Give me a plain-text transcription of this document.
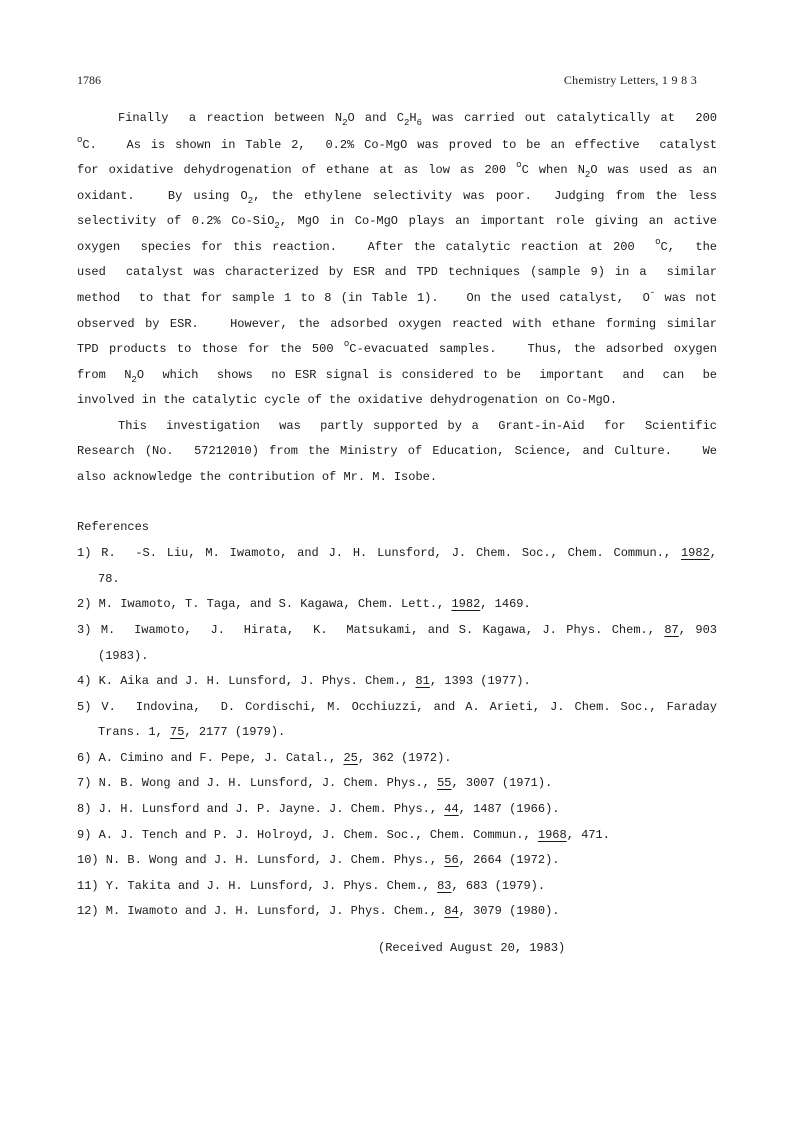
1786	Chemistry Letters, 1 9 8 3
Finally  a reaction between $N_2O$ and $C_2H_6$ was carried out catalytically at  200
$^o$C.   As is shown in Table 2,  0.2% Co-MgO was proved to be an effective  catalyst
for oxidative dehydrogenation of ethane at as low as 200 $^o$C when $N_2O$ was used as an
oxidant.   By using $O_2$, the ethylene selectivity was poor.  Judging from the less
selectivity of 0.2% Co-SiO$_2$, MgO in Co-MgO plays an important role giving an active
oxygen  species for this reaction.   After the catalytic reaction at 200  $^o$C,  the
used  catalyst was characterized by ESR and TPD techniques (sample 9) in a  similar
method  to that for sample 1 to 8 (in Table 1).   On the used catalyst,  O- was not
observed by ESR.   However, the adsorbed oxygen reacted with ethane forming similar
TPD products to those for the 500 $^o$C-evacuated samples.   Thus, the adsorbed oxygen
from  $N_2O$  which  shows  no ESR signal is considered to be  important  and  can  be
involved in the catalytic cycle of the oxidative dehydrogenation on Co-MgO.
This  investigation  was  partly supported by a  Grant-in-Aid  for  Scientific
Research (No.  57212010) from the Ministry of Education, Science, and Culture.   We
also acknowledge the contribution of Mr. M. Isobe.
References
1) R.  -S. Liu, M. Iwamoto, and J. H. Lunsford, J. Chem. Soc., Chem. Commun., 1982,
78.
2) M. Iwamoto, T. Taga, and S. Kagawa, Chem. Lett., 1982, 1469.
3) M.  Iwamoto,  J.  Hirata,  K.  Matsukami, and S. Kagawa, J. Phys. Chem., 87, 903
(1983).
4) K. Aika and J. H. Lunsford, J. Phys. Chem., 81, 1393 (1977).
5) V.  Indovina,  D. Cordischi, M. Occhiuzzi, and A. Arieti, J. Chem. Soc., Faraday
Trans. 1, 75, 2177 (1979).
6) A. Cimino and F. Pepe, J. Catal., 25, 362 (1972).
7) N. B. Wong and J. H. Lunsford, J. Chem. Phys., 55, 3007 (1971).
8) J. H. Lunsford and J. P. Jayne. J. Chem. Phys., 44, 1487 (1966).
9) A. J. Tench and P. J. Holroyd, J. Chem. Soc., Chem. Commun., 1968, 471.
10) N. B. Wong and J. H. Lunsford, J. Chem. Phys., 56, 2664 (1972).
11) Y. Takita and J. H. Lunsford, J. Phys. Chem., 83, 683 (1979).
12) M. Iwamoto and J. H. Lunsford, J. Phys. Chem., 84, 3079 (1980).
(Received August 20, 1983)
